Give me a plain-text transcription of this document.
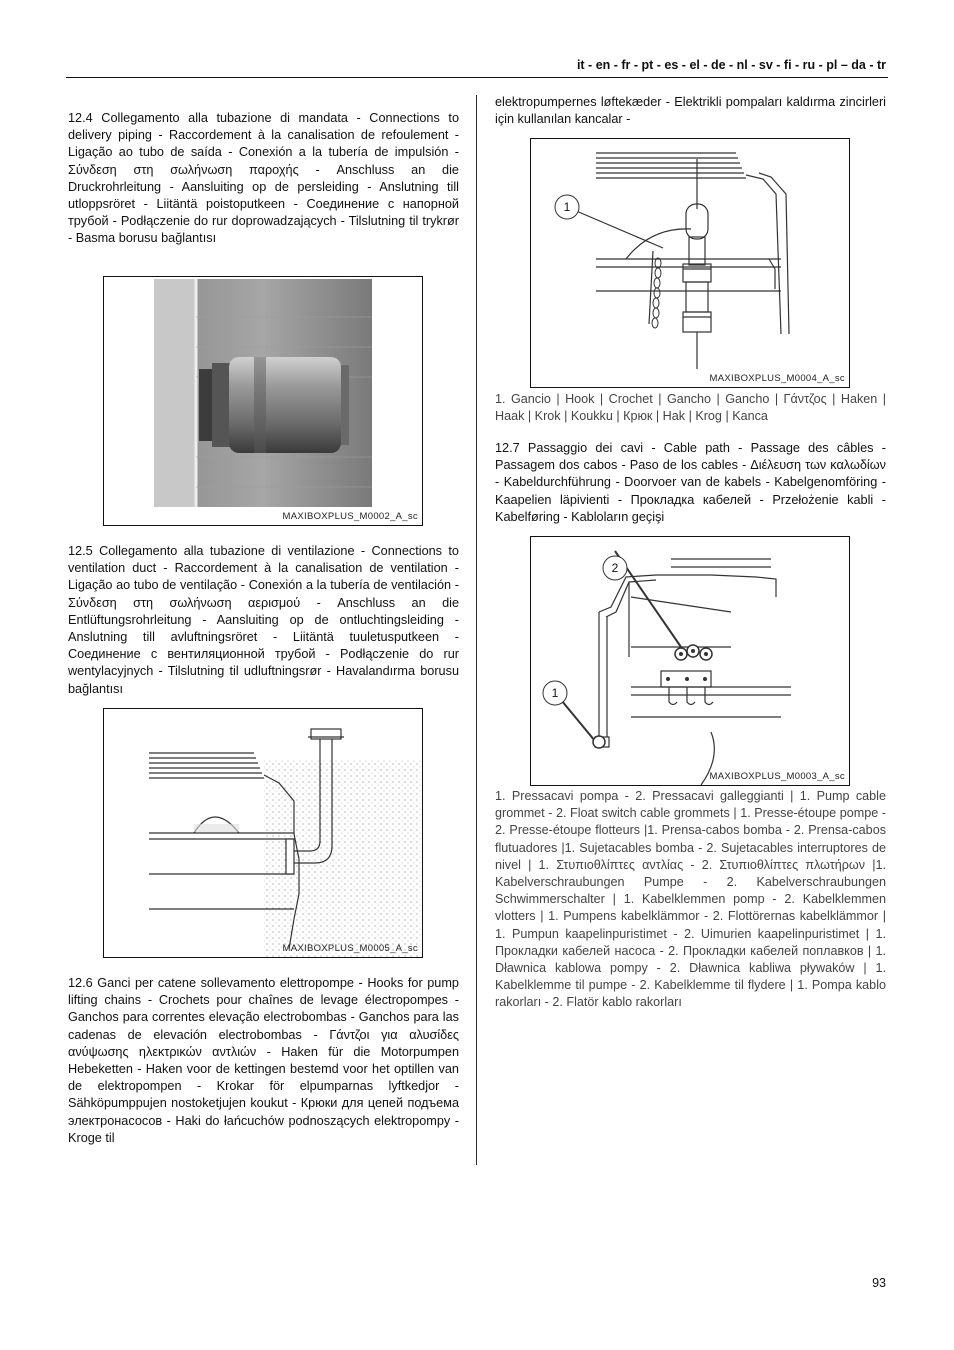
it - en - fr - pt - es - el - de - nl - sv - fi - ru - pl – da - tr

12.4 Collegamento alla tubazione di mandata - Connections to delivery piping - Raccordement à la canalisation de refoulement - Ligação ao tubo de saída - Conexión a la tubería de impulsión - Σύνδεση στη σωλήνωση παροχής - Anschluss an die Druckrohrleitung - Aansluiting op de persleiding - Anslutning till utloppsröret - Liitäntä poistoputkeen - Соединение с напорной трубой - Podłączenie do rur doprowadzających - Tilslutning til trykrør - Basma borusu bağlantısı

MAXIBOXPLUS_M0002_A_sc

12.5 Collegamento alla tubazione di ventilazione - Connections to ventilation duct - Raccordement à la canalisation de ventilation - Ligação ao tubo de ventilação - Conexión a la tubería de ventilación - Σύνδεση στη σωλήνωση αερισμού - Anschluss an die Entlüftungsrohrleitung - Aansluiting op de ontluchtingsleiding - Anslutning till avluftningsröret - Liitäntä tuuletusputkeen - Соединение с вентиляционной трубой - Podłączenie do rur wentylacyjnych - Tilslutning til udluftningsrør - Havalandırma borusu bağlantısı

MAXIBOXPLUS_M0005_A_sc

12.6 Ganci per catene sollevamento elettropompe - Hooks for pump lifting chains - Crochets pour chaînes de levage électropompes - Ganchos para correntes elevação electrobombas - Ganchos para las cadenas de elevación electrobombas - Γάντζοι για αλυσίδες ανύψωσης ηλεκτρικών αντλιών - Haken für die Motorpumpen Hebeketten - Haken voor de kettingen bestemd voor het optillen van de elektropompen - Krokar för elpumparnas lyftkedjor - Sähköpumppujen nostoketjujen koukut - Крюки для цепей подъема электронасосов - Haki do łańcuchów podnoszących elektropompy - Kroge til

elektropumpernes løftekæder - Elektrikli pompaları kaldırma zincirleri için kullanılan kancalar -

1
MAXIBOXPLUS_M0004_A_sc

1. Gancio | Hook | Crochet | Gancho | Gancho | Γάντζος | Haken | Haak | Krok | Koukku | Крюк | Hak | Krog | Kanca

12.7 Passaggio dei cavi - Cable path - Passage des câbles - Passagem dos cabos - Paso de los cables - Διέλευση των καλωδίων - Kabeldurchführung - Doorvoer van de kabels - Kabelgenomföring - Kaapelien läpivienti - Прокладка кабелей - Przełożenie kabli - Kabelføring - Kabloların geçişi

2
1
MAXIBOXPLUS_M0003_A_sc

1. Pressacavi pompa - 2. Pressacavi galleggianti | 1. Pump cable grommet - 2. Float switch cable grommets | 1. Presse-étoupe pompe - 2. Presse-étoupe flotteurs |1. Prensa-cabos bomba - 2. Prensa-cabos flutuadores |1. Sujetacables bomba - 2. Sujetacables interruptores de nivel | 1. Στυπιοθλίπτες αντλίας - 2. Στυπιοθλίπτες πλωτήρων |1. Kabelverschraubungen Pumpe - 2. Kabelverschraubungen Schwimmerschalter | 1. Kabelklemmen pomp - 2. Kabelklemmen vlotters | 1. Pumpens kabelklämmor - 2. Flottörernas kabelklämmor | 1. Pumpun kaapelinpuristimet - 2. Uimurien kaapelinpuristimet | 1. Прокладки кабелей насоса - 2. Прокладки кабелей поплавков | 1. Dławnica kablowa pompy - 2. Dławnica kabliwa pływaków | 1. Kabelklemme til pumpe - 2. Kabelklemme til flydere | 1. Pompa kablo rakorları - 2. Flatör kablo rakorları

93
